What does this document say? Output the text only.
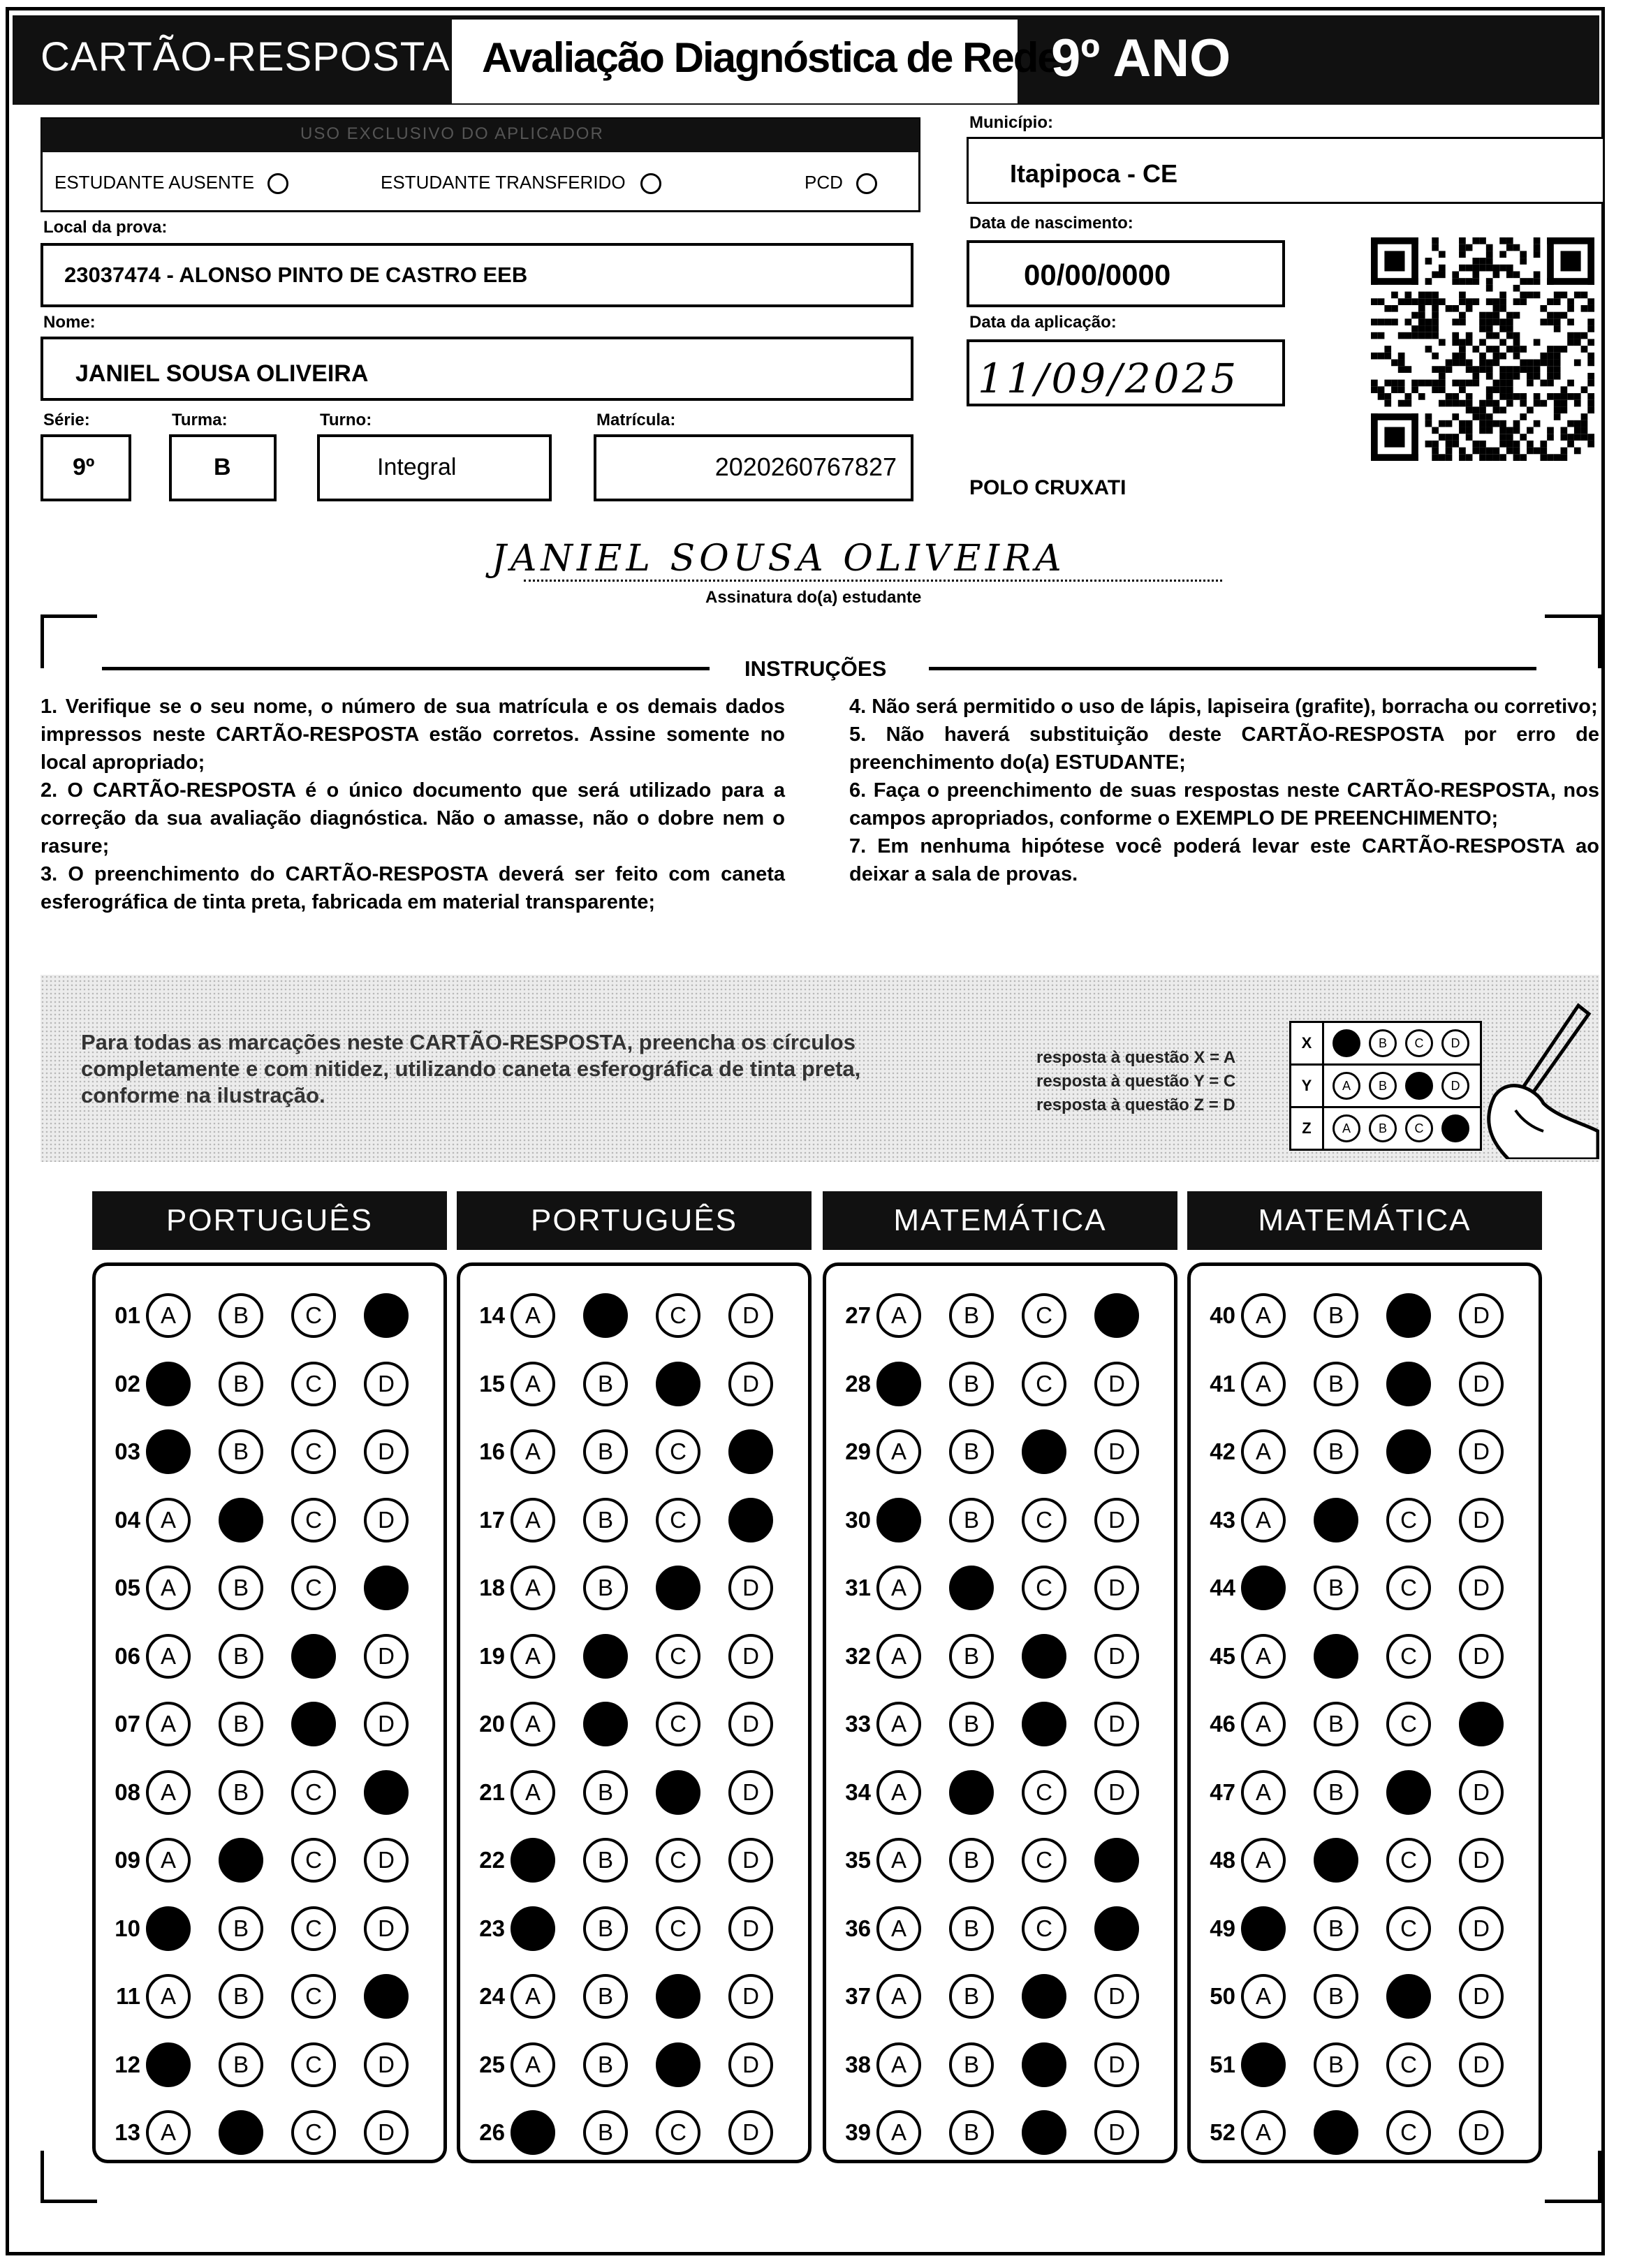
CARTÃO-RESPOSTA Avaliação Diagnóstica de Rede
9º ANO
USO EXCLUSIVO DO APLICADOR
ESTUDANTE AUSENTE	ESTUDANTE TRANSFERIDO	PCD
Local da prova:
23037474 - ALONSO PINTO DE CASTRO EEB
Nome:
JANIEL SOUSA OLIVEIRA
Série:
9º
Turma:
B
Turno:
Integral
Matrícula:
2020260767827
Município:
Itapipoca - CE
Data de nascimento:
00/00/0000
Data da aplicação:
11/09/2025
POLO CRUXATI
JANIEL SOUSA OLIVEIRA
Assinatura do(a) estudante
INSTRUÇÕES

1. Verifique se o seu nome, o número de sua matrícula e os demais dados impressos neste CARTÃO-RESPOSTA estão corretos. Assine somente no local apropriado;

2. O CARTÃO-RESPOSTA é o único documento que será utilizado para a correção da sua avaliação diagnóstica. Não o amasse, não o dobre nem o rasure;

3. O preenchimento do CARTÃO-RESPOSTA deverá ser feito com caneta esferográfica de tinta preta, fabricada em material transparente;

4. Não será permitido o uso de lápis, lapiseira (grafite), borracha ou corretivo;

5. Não haverá substituição deste CARTÃO-RESPOSTA por erro de preenchimento do(a) ESTUDANTE;

6. Faça o preenchimento de suas respostas neste CARTÃO-RESPOSTA, nos campos apropriados, conforme o EXEMPLO DE PREENCHIMENTO;

7. Em nenhuma hipótese você poderá levar este CARTÃO-RESPOSTA ao deixar a sala de provas.

Para todas as marcações neste CARTÃO-RESPOSTA, preencha os círculos completamente e com nitidez, utilizando caneta esferográfica de tinta preta, conforme na ilustração.
resposta à questão X = A
resposta à questão Y = C
resposta à questão Z = D
X	B	C	D
Y	A	B	D
Z	A	B	C
PORTUGUÊS	PORTUGUÊS	MATEMÁTICA	MATEMÁTICA
01 A B C
02	B C D
03	B C D
04 A	C D
05 A B C
06 A B	D
07 A B	D
08 A B C
09 A	C D
10	B C D
11 A B C
12	B C D
13 A	C D
14 A	C D
15 A B	D
16 A B C
17 A B C
18 A B	D
19 A	C D
20 A	C D
21 A B	D
22	B C D
23	B C D
24 A B	D
25 A B	D
26	B C D
27 A B C
28	B C D
29 A B	D
30	B C D
31 A	C D
32 A B	D
33 A B	D
34 A	C D
35 A B C
36 A B C
37 A B	D
38 A B	D
39 A B	D
40 A B	D
41 A B	D
42 A B	D
43 A	C D
44	B C D
45 A	C D
46 A B C
47 A B	D
48 A	C D
49	B C D
50 A B	D
51	B C D
52 A	C D
